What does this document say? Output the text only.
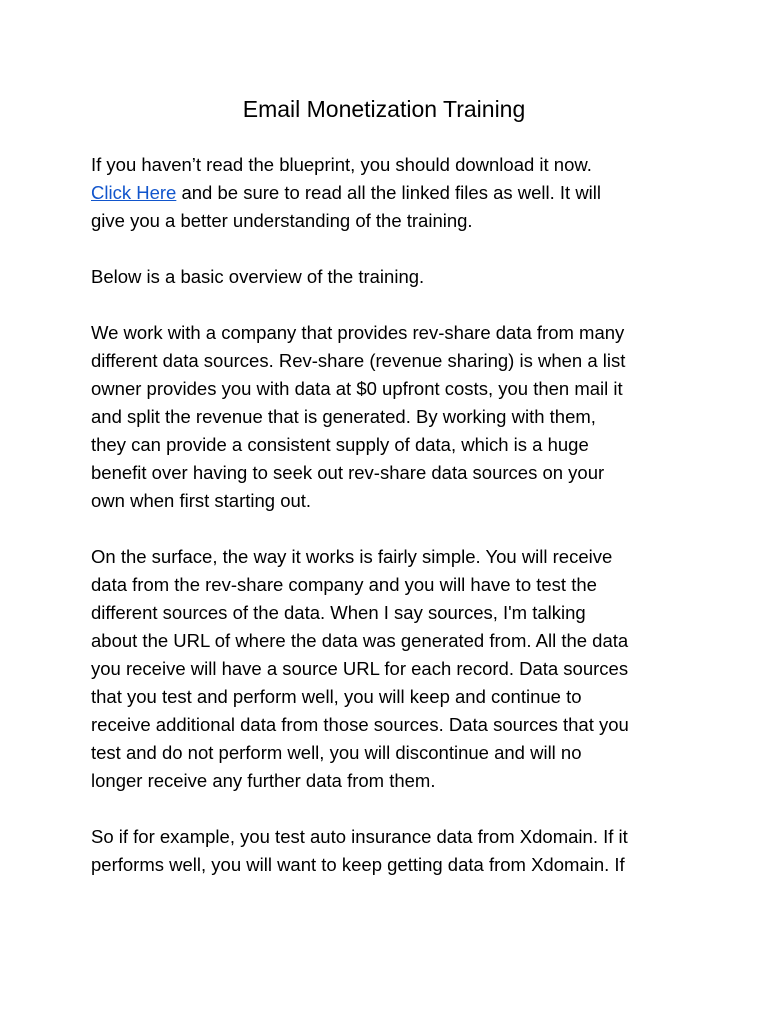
Email Monetization Training

If you haven’t read the blueprint, you should download it now.
Click Here and be sure to read all the linked files as well. It will
give you a better understanding of the training.

Below is a basic overview of the training.

We work with a company that provides rev-share data from many
different data sources. Rev-share (revenue sharing) is when a list
owner provides you with data at $0 upfront costs, you then mail it
and split the revenue that is generated. By working with them,
they can provide a consistent supply of data, which is a huge
benefit over having to seek out rev-share data sources on your
own when first starting out.

On the surface, the way it works is fairly simple. You will receive
data from the rev-share company and you will have to test the
different sources of the data. When I say sources, I'm talking
about the URL of where the data was generated from. All the data
you receive will have a source URL for each record. Data sources
that you test and perform well, you will keep and continue to
receive additional data from those sources. Data sources that you
test and do not perform well, you will discontinue and will no
longer receive any further data from them.

So if for example, you test auto insurance data from Xdomain. If it
performs well, you will want to keep getting data from Xdomain. If
